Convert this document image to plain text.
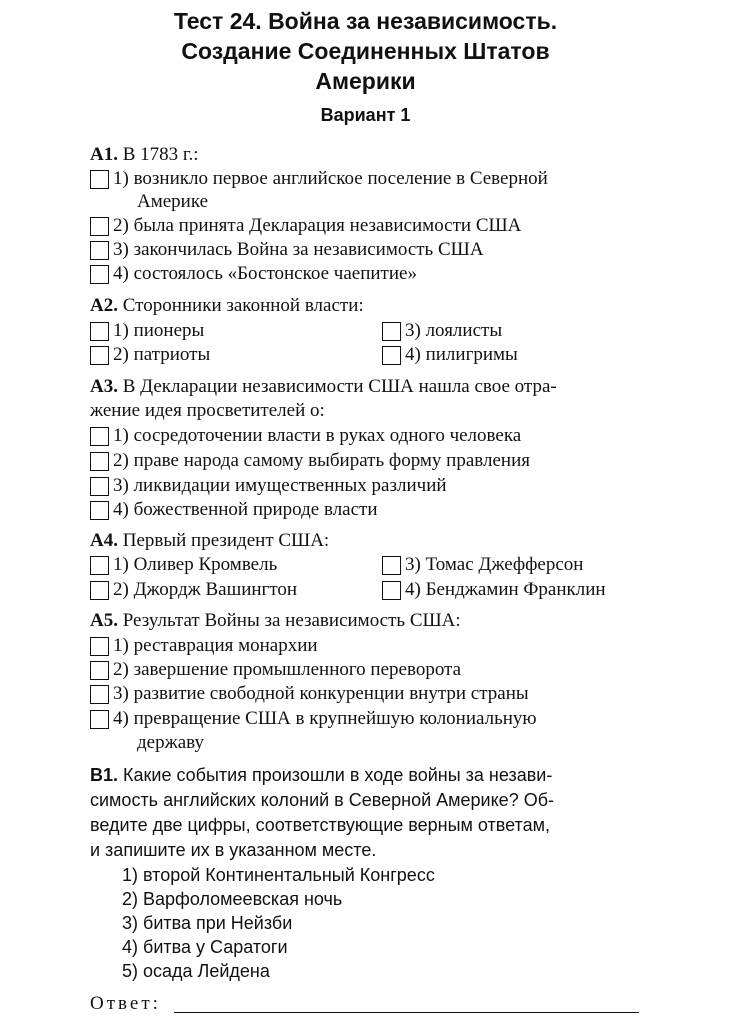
Тест 24. Война за независимость.
Создание Соединенных Штатов
Америки
Вариант 1
А1. В 1783 г.:
1) возникло первое английское поселение в Северной
Америке
2) была принята Декларация независимости США
3) закончилась Война за независимость США
4) состоялось «Бостонское чаепитие»
А2. Сторонники законной власти:
1) пионеры
2) патриоты
3) лоялисты
4) пилигримы
А3. В Декларации независимости США нашла свое отра-
жение идея просветителей о:
1) сосредоточении власти в руках одного человека
2) праве народа самому выбирать форму правления
3) ликвидации имущественных различий
4) божественной природе власти
А4. Первый президент США:
1) Оливер Кромвель
2) Джордж Вашингтон
3) Томас Джефферсон
4) Бенджамин Франклин
А5. Результат Войны за независимость США:
1) реставрация монархии
2) завершение промышленного переворота
3) развитие свободной конкуренции внутри страны
4) превращение США в крупнейшую колониальную
державу
В1. Какие события произошли в ходе войны за незави-
симость английских колоний в Северной Америке? Об-
ведите две цифры, соответствующие верным ответам,
и запишите их в указанном месте.
1) второй Континентальный Конгресс
2) Варфоломеевская ночь
3) битва при Нейзби
4) битва у Саратоги
5) осада Лейдена
Ответ:
